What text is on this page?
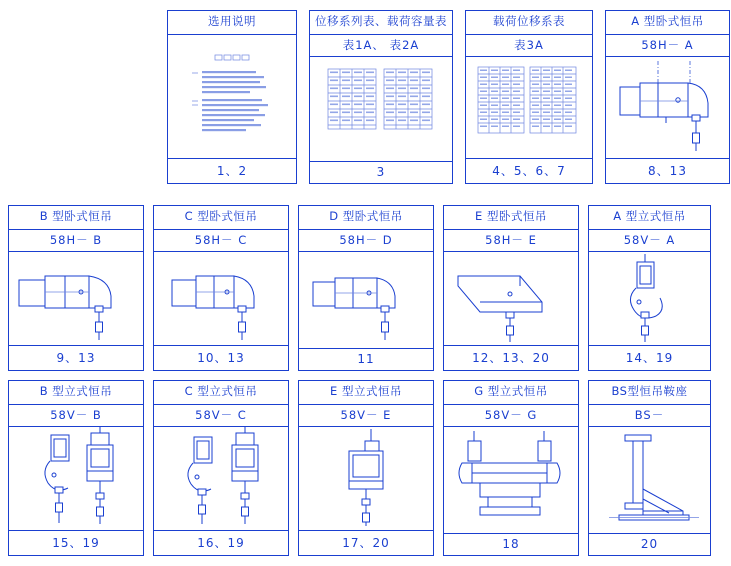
选用说明
1、2
位移系列表、载荷容量表
表1A、 表2A
3
载荷位移系表
表3A
4、5、6、7
A 型卧式恒吊
58H－ A
8、13
B 型卧式恒吊
58H－ B
9、13
C 型卧式恒吊
58H－ C
10、13
D 型卧式恒吊
58H－ D
11
E 型卧式恒吊
58H－ E
12、13、20
A 型立式恒吊
58V－ A
14、19
B 型立式恒吊
58V－ B
15、19
C 型立式恒吊
58V－ C
16、19
E 型立式恒吊
58V－ E
17、20
G 型立式恒吊
58V－ G
18
BS型恒吊鞍座
BS－
20
